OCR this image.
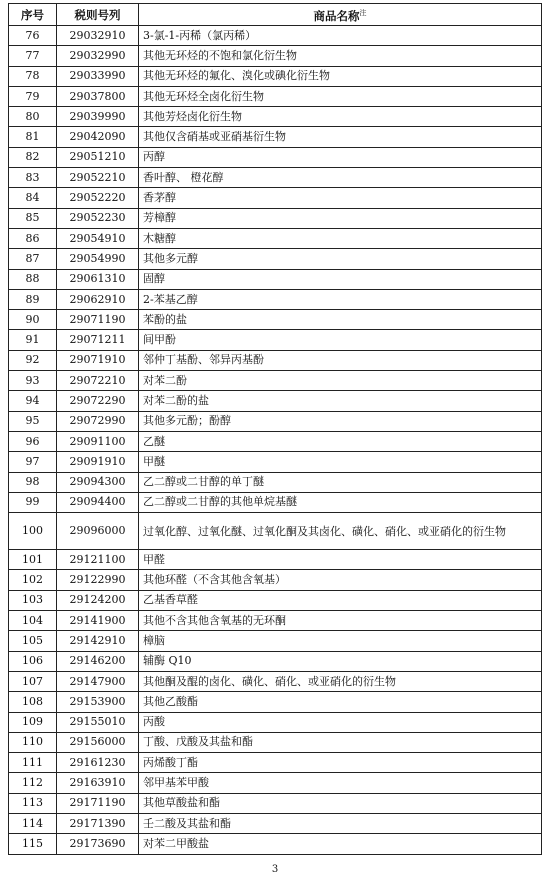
序号	税则号列	商品名称$^注$
76	29032910	3-氯-1-丙稀（氯丙稀）
77	29032990	其他无环烃的不饱和氯化衍生物
78	29033990	其他无环烃的氟化、溴化或碘化衍生物
79	29037800	其他无环烃全卤化衍生物
80	29039990	其他芳烃卤化衍生物
81	29042090	其他仅含硝基或亚硝基衍生物
82	29051210	丙醇
83	29052210	香叶醇、 橙花醇
84	29052220	香茅醇
85	29052230	芳樟醇
86	29054910	木糖醇
87	29054990	其他多元醇
88	29061310	固醇
89	29062910	2-苯基乙醇
90	29071190	苯酚的盐
91	29071211	间甲酚
92	29071910	邻仲丁基酚、邻异丙基酚
93	29072210	对苯二酚
94	29072290	对苯二酚的盐
95	29072990	其他多元酚；酚醇
96	29091100	乙醚
97	29091910	甲醚
98	29094300	乙二醇或二甘醇的单丁醚
99	29094400	乙二醇或二甘醇的其他单烷基醚
100	29096000	过氧化醇、过氧化醚、过氧化酮及其卤化、磺化、硝化、或亚硝化的衍生物
101	29121100	甲醛
102	29122990	其他环醛（不含其他含氧基）
103	29124200	乙基香草醛
104	29141900	其他不含其他含氧基的无环酮
105	29142910	樟脑
106	29146200	辅酶 Q10
107	29147900	其他酮及醌的卤化、磺化、硝化、或亚硝化的衍生物
108	29153900	其他乙酸酯
109	29155010	丙酸
110	29156000	丁酸、戊酸及其盐和酯
111	29161230	丙烯酸丁酯
112	29163910	邻甲基苯甲酸
113	29171190	其他草酸盐和酯
114	29171390	壬二酸及其盐和酯
115	29173690	对苯二甲酸盐
3
